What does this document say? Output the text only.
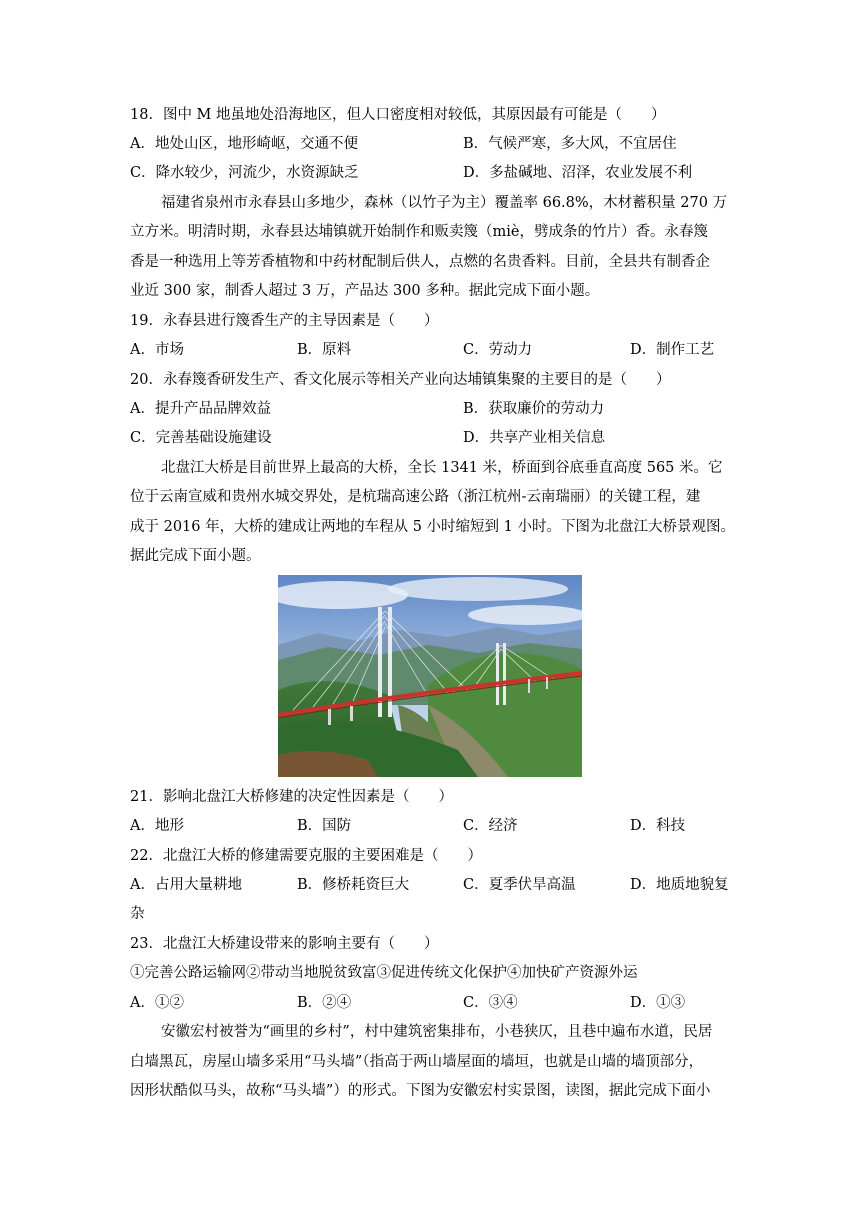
18．图中 M 地虽地处沿海地区，但人口密度相对较低，其原因最有可能是（　　）
A．地处山区，地形崎岖，交通不便	B．气候严寒，多大风，不宜居住
C．降水较少，河流少，水资源缺乏	D．多盐碱地、沼泽，农业发展不利
福建省泉州市永春县山多地少，森林（以竹子为主）覆盖率 66.8%，木材蓄积量 270 万
立方米。明清时期，永春县达埔镇就开始制作和贩卖篾（miè，劈成条的竹片）香。永春篾
香是一种选用上等芳香植物和中药材配制后供人，点燃的名贵香料。目前，全县共有制香企
业近 300 家，制香人超过 3 万，产品达 300 多种。据此完成下面小题。
19．永春县进行篾香生产的主导因素是（　　）
A．市场	B．原料	C．劳动力	D．制作工艺
20．永春篾香研发生产、香文化展示等相关产业向达埔镇集聚的主要目的是（　　）
A．提升产品品牌效益	B．获取廉价的劳动力
C．完善基础设施建设	D．共享产业相关信息
北盘江大桥是目前世界上最高的大桥，全长 1341 米，桥面到谷底垂直高度 565 米。它
位于云南宣威和贵州水城交界处，是杭瑞高速公路（浙江杭州-云南瑞丽）的关键工程，建
成于 2016 年，大桥的建成让两地的车程从 5 小时缩短到 1 小时。下图为北盘江大桥景观图。
据此完成下面小题。
21．影响北盘江大桥修建的决定性因素是（　　）
A．地形	B．国防	C．经济	D．科技
22．北盘江大桥的修建需要克服的主要困难是（　　）
A．占用大量耕地	B．修桥耗资巨大	C．夏季伏旱高温	D．地质地貌复
杂
23．北盘江大桥建设带来的影响主要有（　　）
①完善公路运输网②带动当地脱贫致富③促进传统文化保护④加快矿产资源外运
A．①②	B．②④	C．③④	D．①③
安徽宏村被誉为“画里的乡村”，村中建筑密集排布，小巷狭仄，且巷中遍布水道，民居
白墙黑瓦，房屋山墙多采用“马头墙”（指高于两山墙屋面的墙垣，也就是山墙的墙顶部分，
因形状酷似马头，故称“马头墙”）的形式。下图为安徽宏村实景图，读图，据此完成下面小
